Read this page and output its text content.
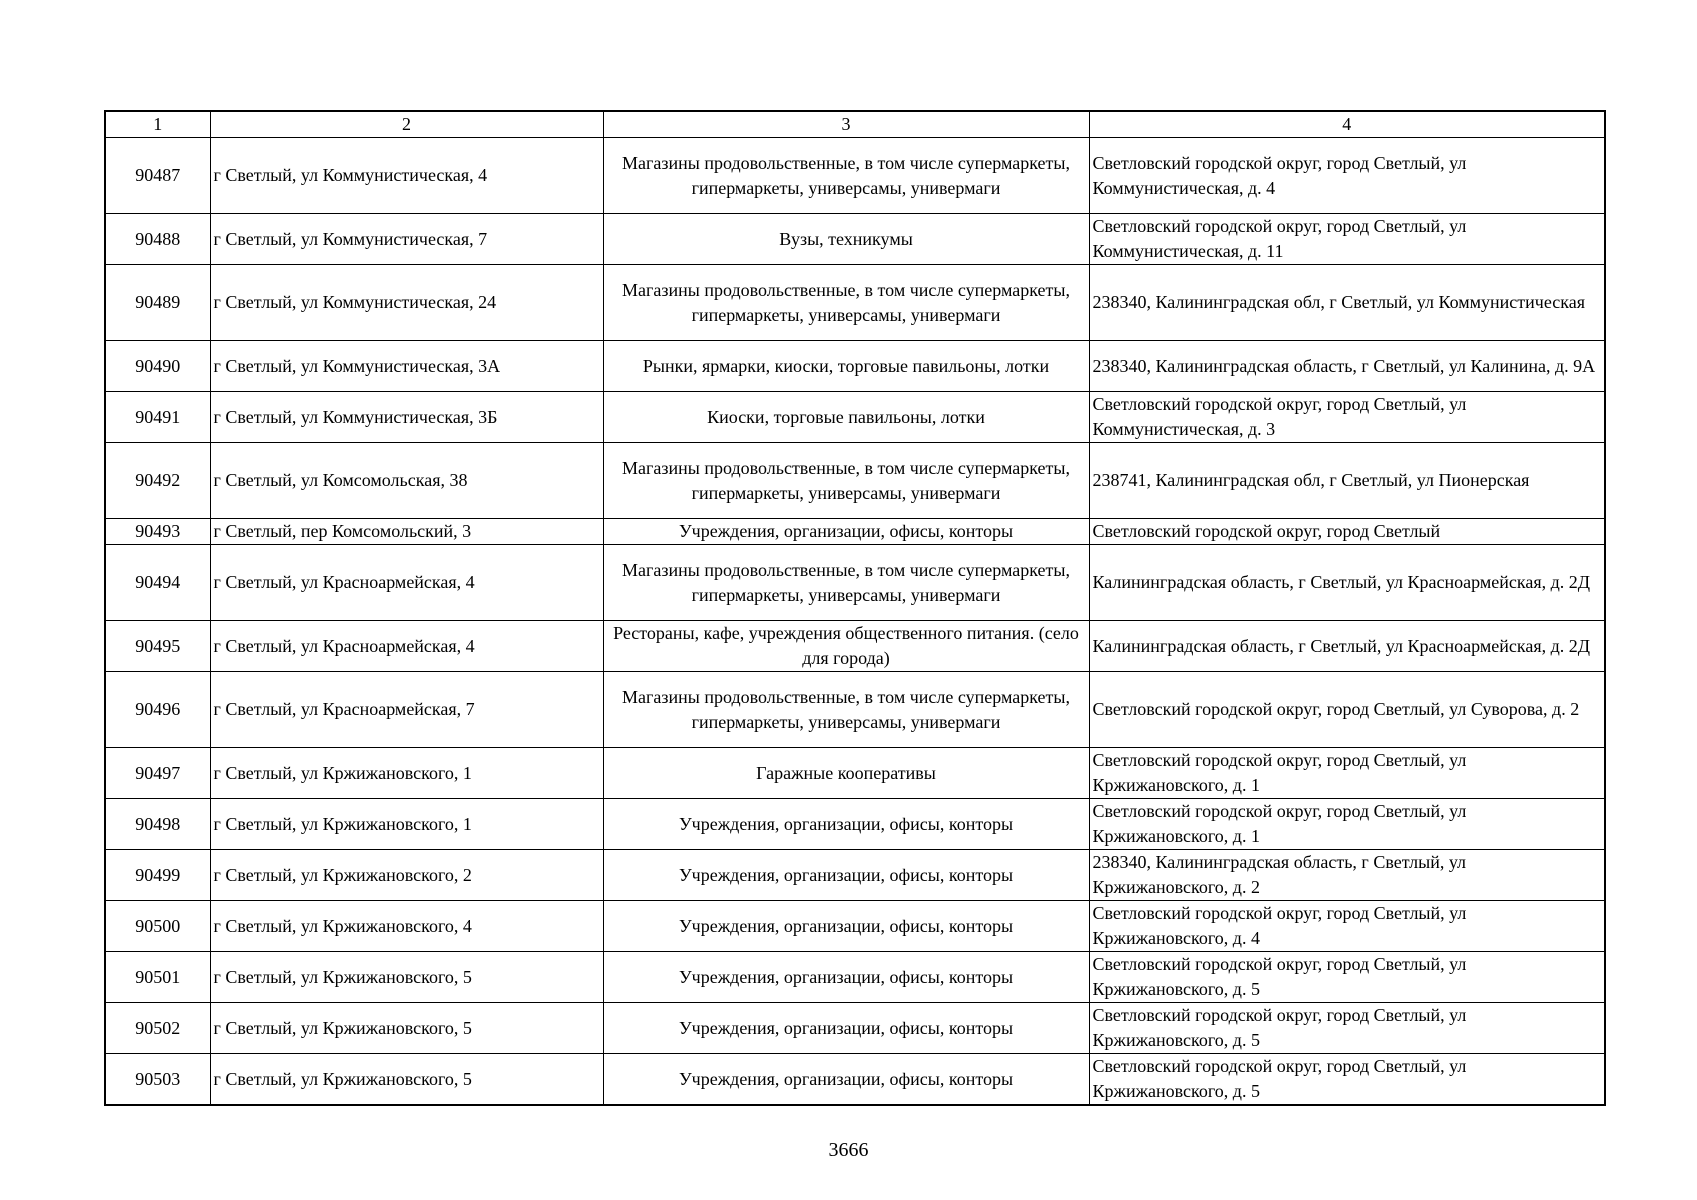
1	2	3	4
90487	г Светлый, ул Коммунистическая, 4	Магазины продовольственные, в том числе супермаркеты, гипермаркеты, универсамы, универмаги	Светловский городской округ, город Светлый, ул Коммунистическая, д. 4
90488	г Светлый, ул Коммунистическая, 7	Вузы, техникумы	Светловский городской округ, город Светлый, ул Коммунистическая, д. 11
90489	г Светлый, ул Коммунистическая, 24	Магазины продовольственные, в том числе супермаркеты, гипермаркеты, универсамы, универмаги	238340, Калининградская обл, г Светлый, ул Коммунистическая
90490	г Светлый, ул Коммунистическая, 3А	Рынки, ярмарки, киоски, торговые павильоны, лотки	238340, Калининградская область, г Светлый, ул Калинина, д. 9А
90491	г Светлый, ул Коммунистическая, 3Б	Киоски, торговые павильоны, лотки	Светловский городской округ, город Светлый, ул Коммунистическая, д. 3
90492	г Светлый, ул Комсомольская, 38	Магазины продовольственные, в том числе супермаркеты, гипермаркеты, универсамы, универмаги	238741, Калининградская обл, г Светлый, ул Пионерская
90493	г Светлый, пер Комсомольский, 3	Учреждения, организации, офисы, конторы	Светловский городской округ, город Светлый
90494	г Светлый, ул Красноармейская, 4	Магазины продовольственные, в том числе супермаркеты, гипермаркеты, универсамы, универмаги	Калининградская область, г Светлый, ул Красноармейская, д. 2Д
90495	г Светлый, ул Красноармейская, 4	Рестораны, кафе, учреждения общественного питания. (село для города)	Калининградская область, г Светлый, ул Красноармейская, д. 2Д
90496	г Светлый, ул Красноармейская, 7	Магазины продовольственные, в том числе супермаркеты, гипермаркеты, универсамы, универмаги	Светловский городской округ, город Светлый, ул Суворова, д. 2
90497	г Светлый, ул Кржижановского, 1	Гаражные кооперативы	Светловский городской округ, город Светлый, ул Кржижановского, д. 1
90498	г Светлый, ул Кржижановского, 1	Учреждения, организации, офисы, конторы	Светловский городской округ, город Светлый, ул Кржижановского, д. 1
90499	г Светлый, ул Кржижановского, 2	Учреждения, организации, офисы, конторы	238340, Калининградская область, г Светлый, ул Кржижановского, д. 2
90500	г Светлый, ул Кржижановского, 4	Учреждения, организации, офисы, конторы	Светловский городской округ, город Светлый, ул Кржижановского, д. 4
90501	г Светлый, ул Кржижановского, 5	Учреждения, организации, офисы, конторы	Светловский городской округ, город Светлый, ул Кржижановского, д. 5
90502	г Светлый, ул Кржижановского, 5	Учреждения, организации, офисы, конторы	Светловский городской округ, город Светлый, ул Кржижановского, д. 5
90503	г Светлый, ул Кржижановского, 5	Учреждения, организации, офисы, конторы	Светловский городской округ, город Светлый, ул Кржижановского, д. 5
3666
